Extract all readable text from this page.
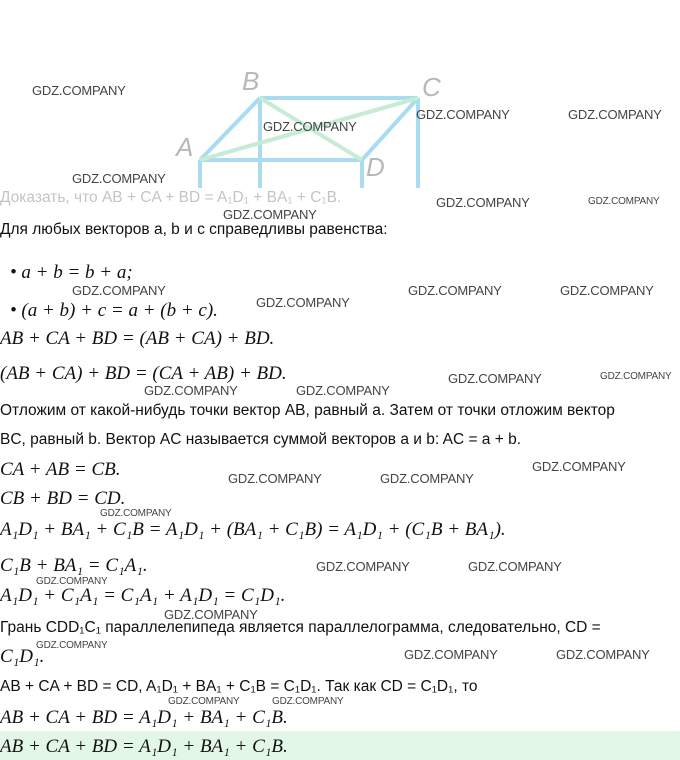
B	C
A
D
GDZ.COMPANY
GDZ.COMPANY
GDZ.COMPANY	GDZ.COMPANY
GDZ.COMPANY
GDZ.COMPANY	GDZ.COMPANY
GDZ.COMPANY
GDZ.COMPANY
GDZ.COMPANY
GDZ.COMPANY	GDZ.COMPANY
GDZ.COMPANY	GDZ.COMPANY
GDZ.COMPANY	GDZ.COMPANY
GDZ.COMPANY	GDZ.COMPANY
GDZ.COMPANY
GDZ.COMPANY
GDZ.COMPANY	GDZ.COMPANY
GDZ.COMPANY
GDZ.COMPANY
GDZ.COMPANY
GDZ.COMPANY	GDZ.COMPANY
GDZ.COMPANY	GDZ.COMPANY
Доказать, что AB + CA + BD = A₁D₁ + BA₁ + C₁B.
Для любых векторов a, b и c справедливы равенства:
• a + b = b + a;
• (a + b) + c = a + (b + c).
AB + CA + BD = (AB + CA) + BD.
(AB + CA) + BD = (CA + AB) + BD.
Отложим от какой-нибудь точки вектор AB, равный a. Затем от точки отложим вектор
BC, равный b. Вектор AC называется суммой векторов a и b: AC = a + b.
CA + AB = CB.
CB + BD = CD.
A₁D₁ + BA₁ + C₁B = A₁D₁ + (BA₁ + C₁B) = A₁D₁ + (C₁B + BA₁).
C₁B + BA₁ = C₁A₁.
A₁D₁ + C₁A₁ = C₁A₁ + A₁D₁ = C₁D₁.
Грань CDD₁C₁ параллелепипеда является параллелограмма, следовательно, CD =
C₁D₁.
AB + CA + BD = CD, A₁D₁ + BA₁ + C₁B = C₁D₁. Так как CD = C₁D₁, то
AB + CA + BD = A₁D₁ + BA₁ + C₁B.
AB + CA + BD = A₁D₁ + BA₁ + C₁B.
